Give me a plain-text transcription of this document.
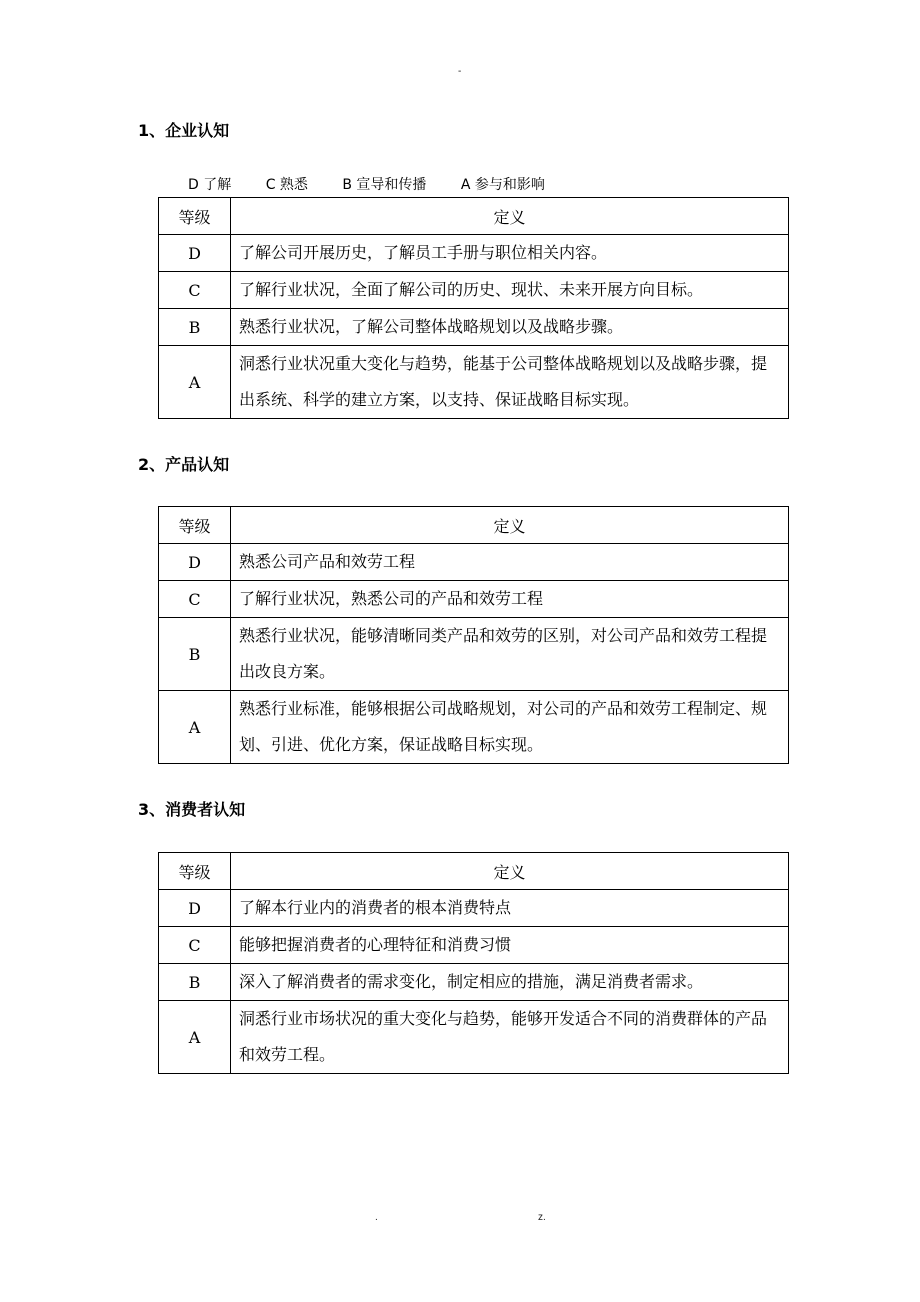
-
1、企业认知
D 了解 C 熟悉 B 宣导和传播 A 参与和影响
等级	定义
D	了解公司开展历史，了解员工手册与职位相关内容。
C	了解行业状况，全面了解公司的历史、现状、未来开展方向目标。
B	熟悉行业状况，了解公司整体战略规划以及战略步骤。
A	洞悉行业状况重大变化与趋势，能基于公司整体战略规划以及战略步骤，提出系统、科学的建立方案，以支持、保证战略目标实现。
2、产品认知
等级	定义
D	熟悉公司产品和效劳工程
C	了解行业状况，熟悉公司的产品和效劳工程
B	熟悉行业状况，能够清晰同类产品和效劳的区别，对公司产品和效劳工程提出改良方案。
A	熟悉行业标准，能够根据公司战略规划，对公司的产品和效劳工程制定、规划、引进、优化方案，保证战略目标实现。
3、消费者认知
等级	定义
D	了解本行业内的消费者的根本消费特点
C	能够把握消费者的心理特征和消费习惯
B	深入了解消费者的需求变化，制定相应的措施，满足消费者需求。
A	洞悉行业市场状况的重大变化与趋势，能够开发适合不同的消费群体的产品和效劳工程。
.	z.
